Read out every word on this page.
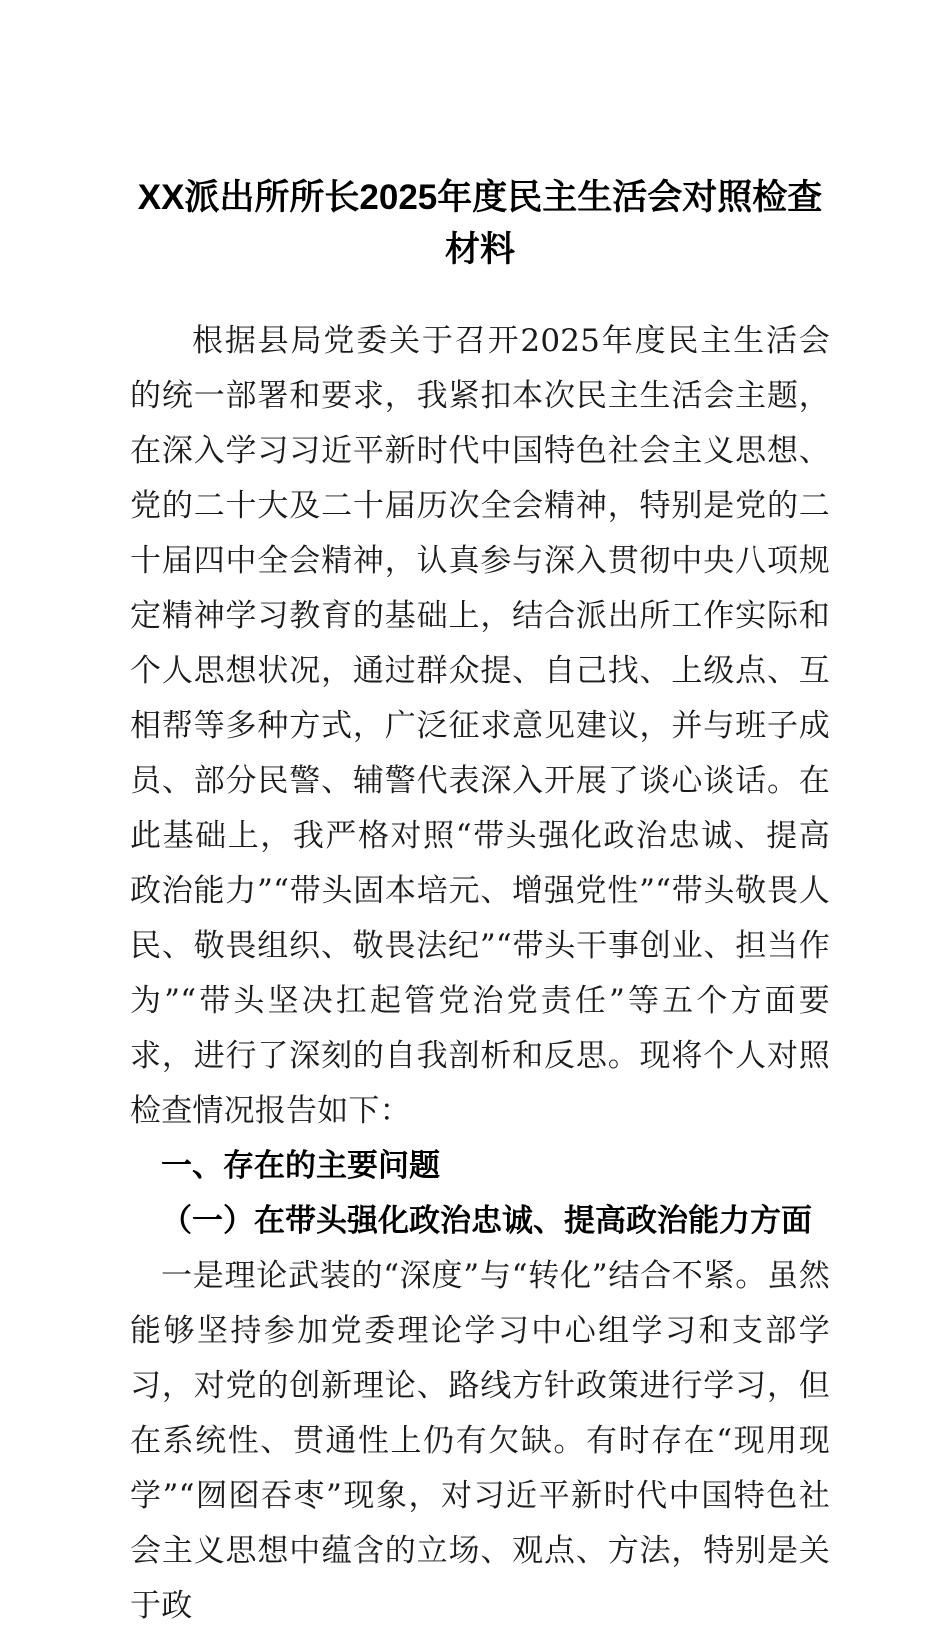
XX派出所所长2025年度民主生活会对照检查材料

根据县局党委关于召开2025年度民主生活会的统一部署和要求，我紧扣本次民主生活会主题，在深入学习习近平新时代中国特色社会主义思想、党的二十大及二十届历次全会精神，特别是党的二十届四中全会精神，认真参与深入贯彻中央八项规定精神学习教育的基础上，结合派出所工作实际和个人思想状况，通过群众提、自己找、上级点、互相帮等多种方式，广泛征求意见建议，并与班子成员、部分民警、辅警代表深入开展了谈心谈话。在此基础上，我严格对照“带头强化政治忠诚、提高政治能力”“带头固本培元、增强党性”“带头敬畏人民、敬畏组织、敬畏法纪”“带头干事创业、担当作为”“带头坚决扛起管党治党责任”等五个方面要求，进行了深刻的自我剖析和反思。现将个人对照检查情况报告如下：

一、存在的主要问题
（一）在带头强化政治忠诚、提高政治能力方面

一是理论武装的“深度”与“转化”结合不紧。虽然能够坚持参加党委理论学习中心组学习和支部学习，对党的创新理论、路线方针政策进行学习，但在系统性、贯通性上仍有欠缺。有时存在“现用现学”“囫囵吞枣”现象，对习近平新时代中国特色社会主义思想中蕴含的立场、观点、方法，特别是关于政
